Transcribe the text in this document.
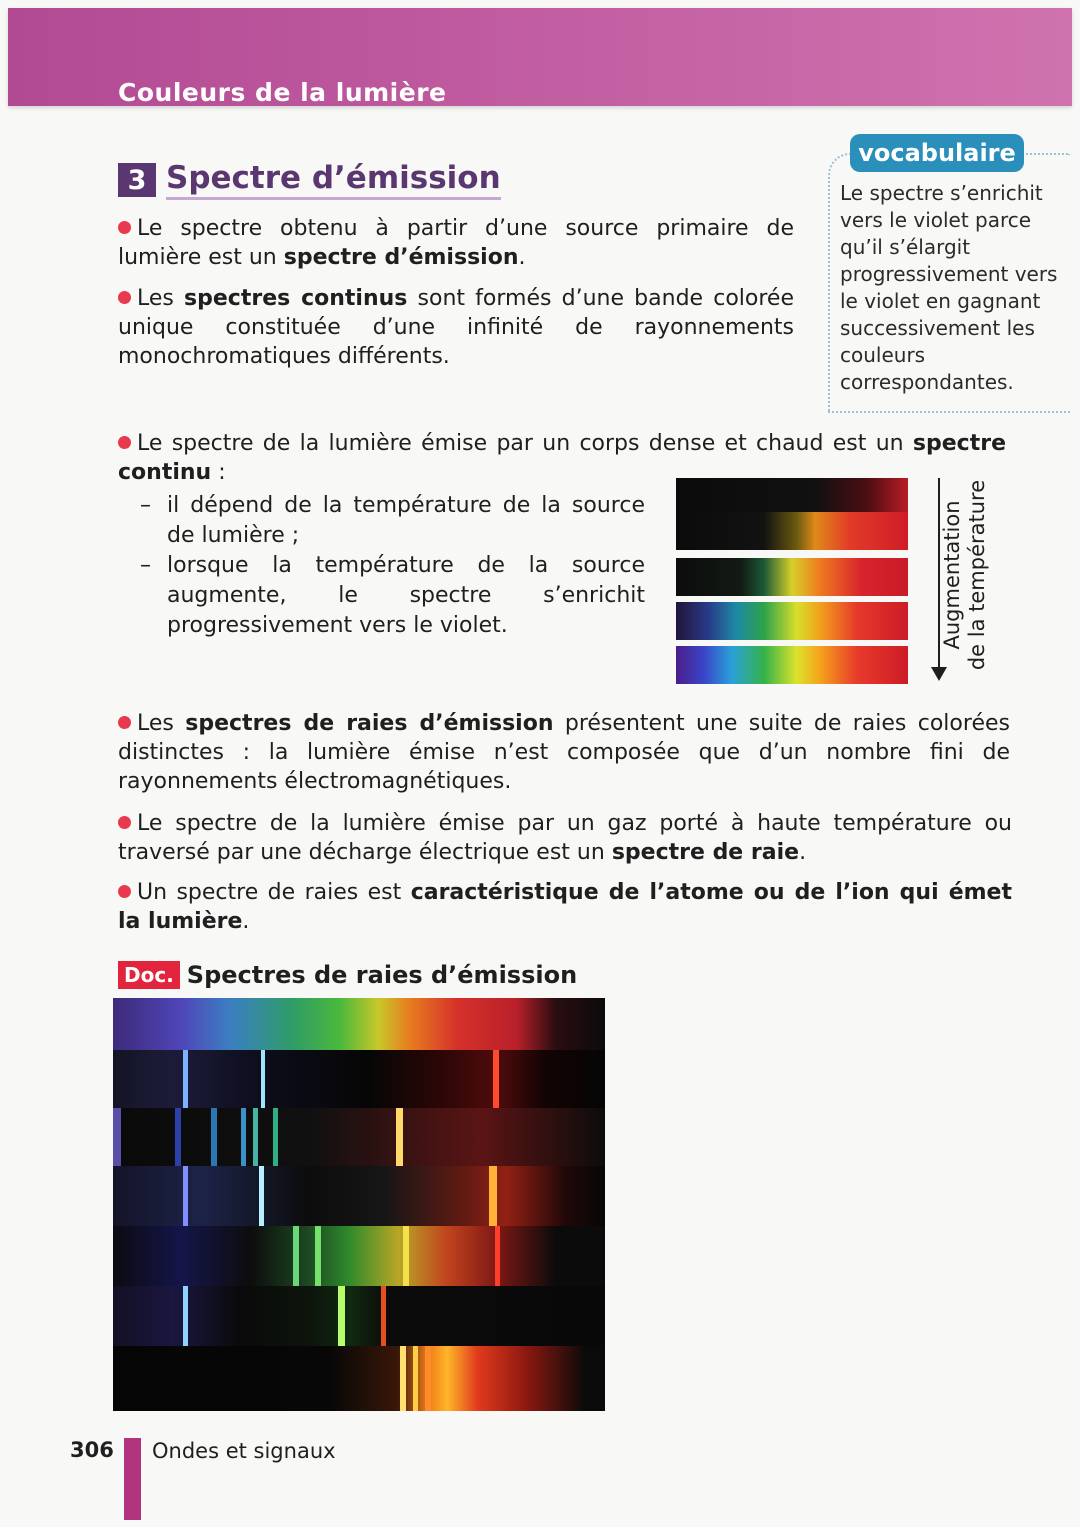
Couleurs de la lumière
3 Spectre d’émission
Le spectre obtenu à partir d’une source primaire de lumière est un spectre d’émission.
Les spectres continus sont formés d’une bande colorée unique constituée d’une infinité de rayonnements monochromatiques différents.
vocabulaire
Le spectre s’enrichit vers le violet parce qu’il s’élargit progressivement vers le violet en gagnant successivement les couleurs correspondantes.
Le spectre de la lumière émise par un corps dense et chaud est un spectre continu :
– il dépend de la température de la source de lumière ;
– lorsque la température de la source augmente, le spectre s’enrichit progressivement vers le violet.	Augmentation de la température
Les spectres de raies d’émission présentent une suite de raies colorées distinctes : la lumière émise n’est composée que d’un nombre fini de rayonnements électromagnétiques.
Le spectre de la lumière émise par un gaz porté à haute température ou traversé par une décharge électrique est un spectre de raie.
Un spectre de raies est caractéristique de l’atome ou de l’ion qui émet la lumière.
Doc. Spectres de raies d’émission
306 Ondes et signaux
